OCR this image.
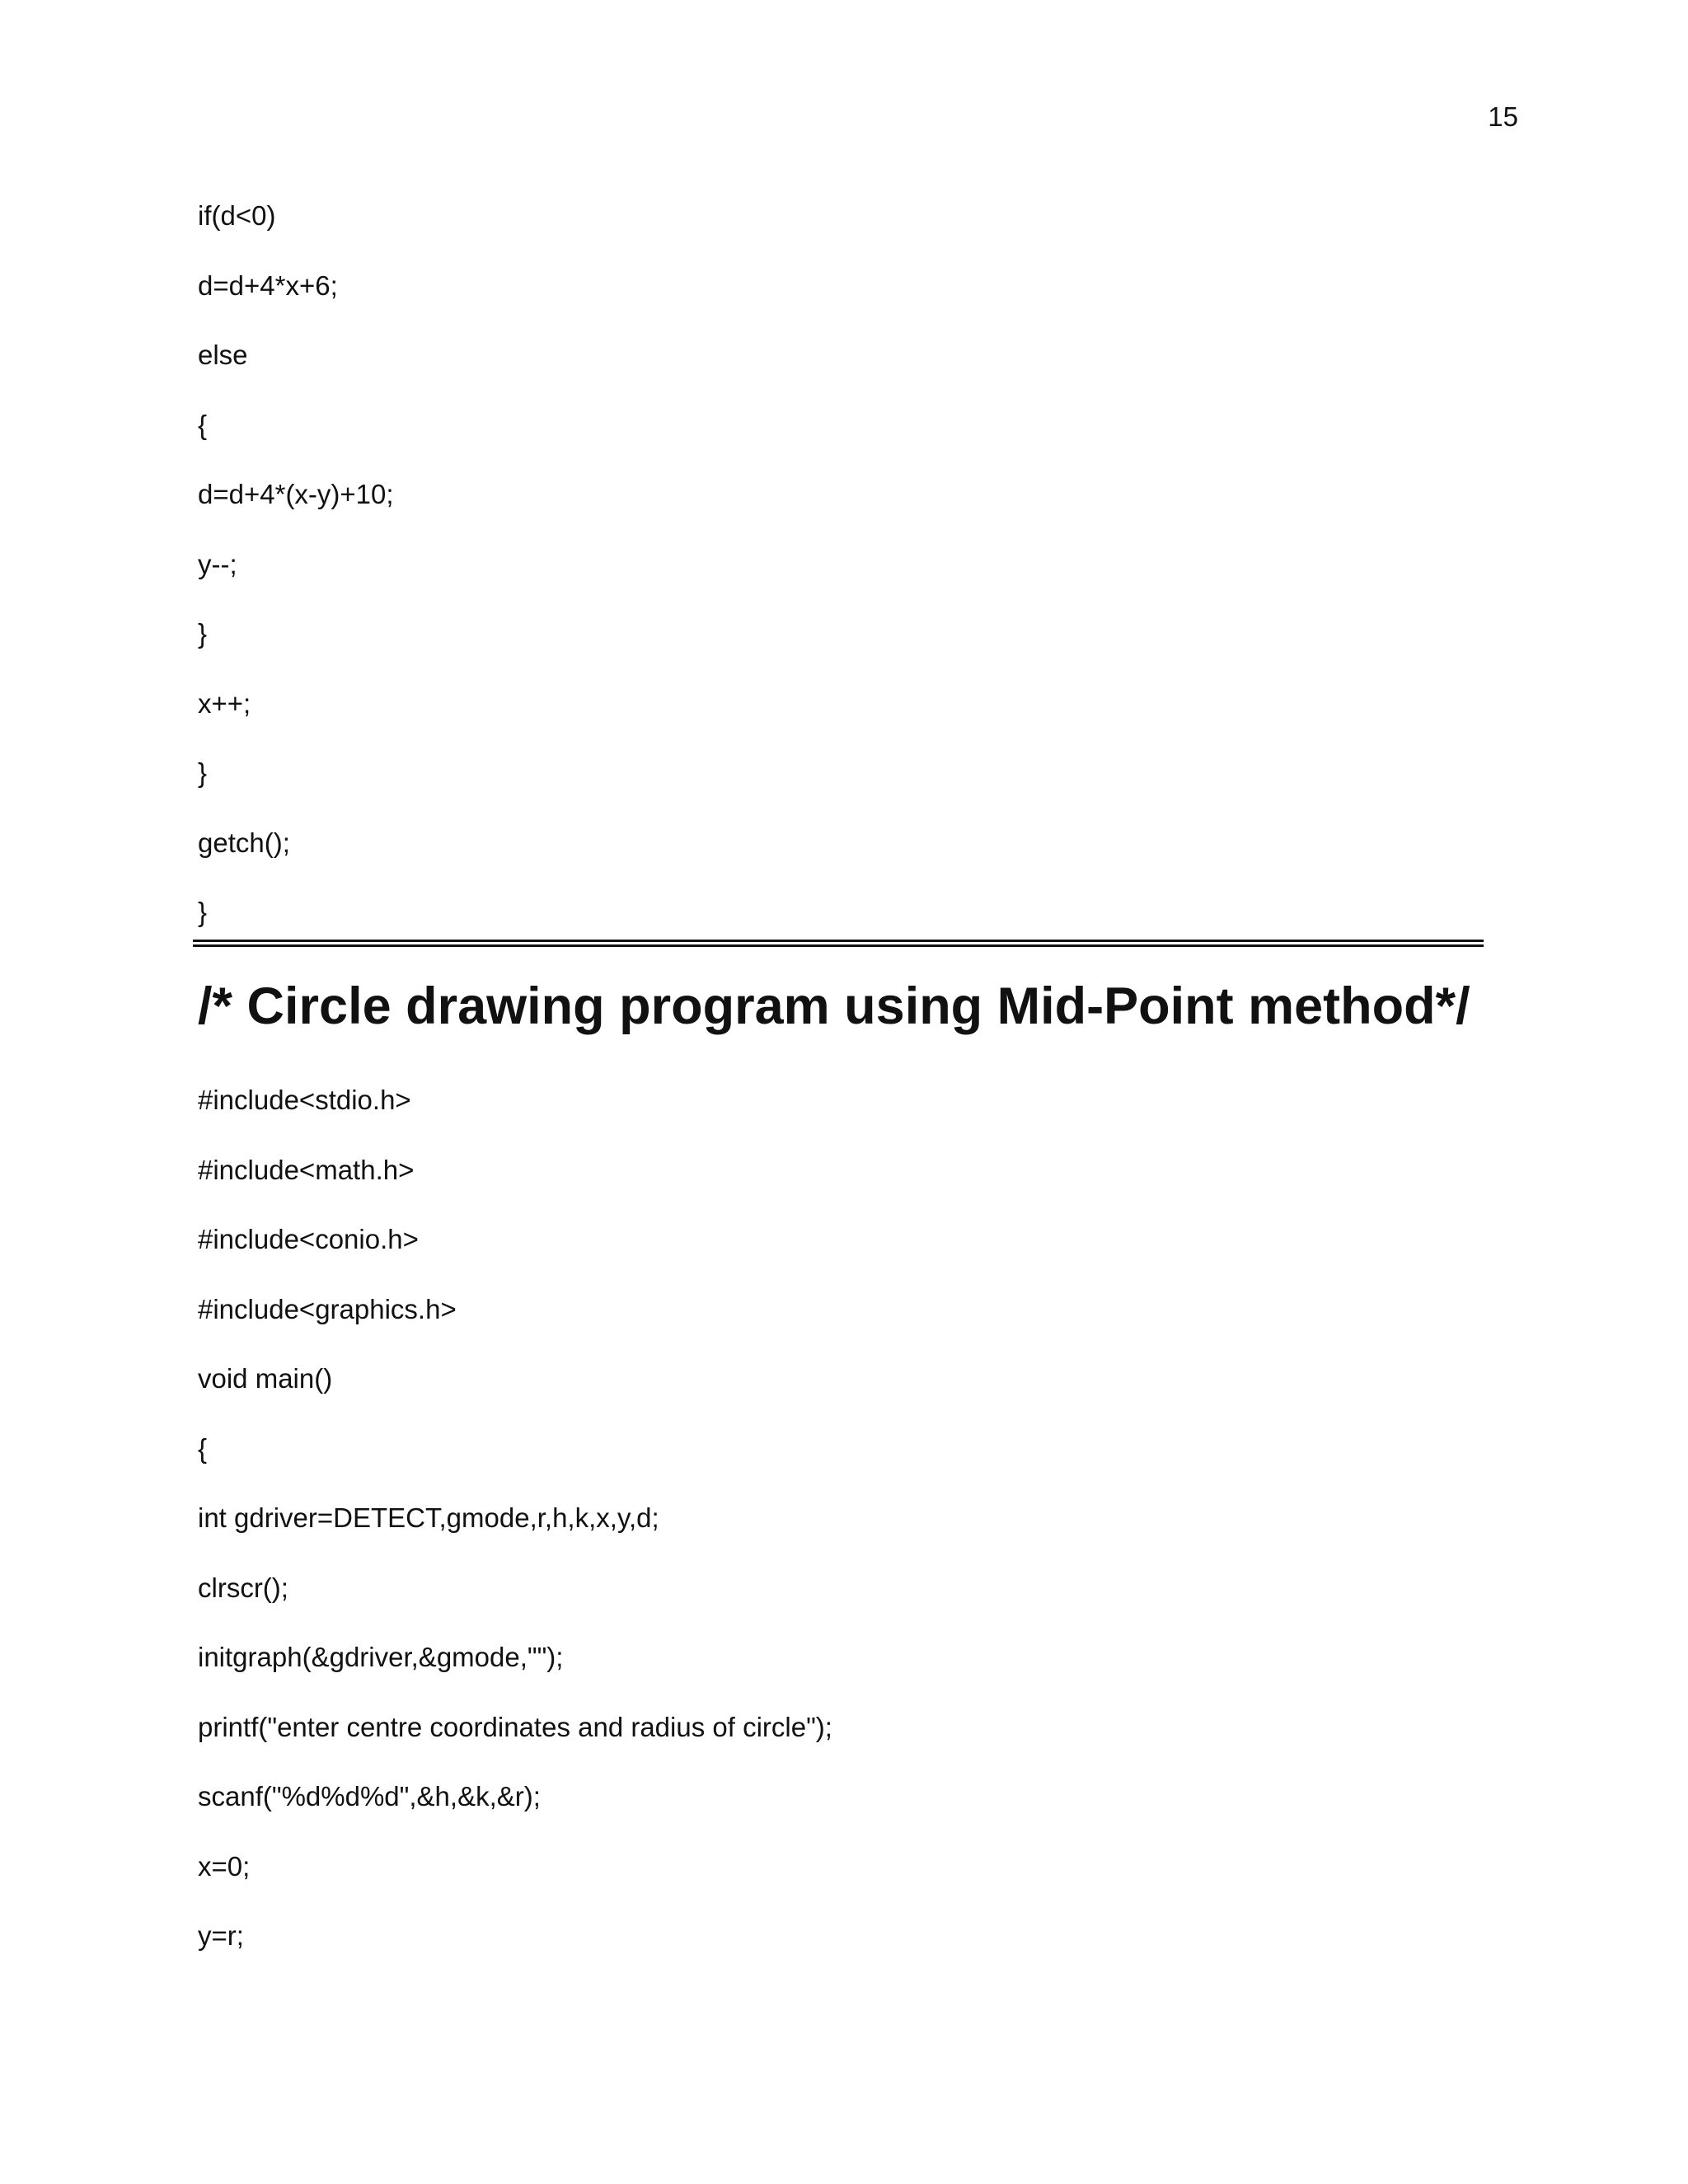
15
if(d<0)
d=d+4*x+6;
else
{
d=d+4*(x-y)+10;
y--;
}
x++;
}
getch();
}
/* Circle drawing program using Mid-Point method*/
#include<stdio.h>
#include<math.h>
#include<conio.h>
#include<graphics.h>
void main()
{
int gdriver=DETECT,gmode,r,h,k,x,y,d;
clrscr();
initgraph(&gdriver,&gmode,"");
printf("enter centre coordinates and radius of circle");
scanf("%d%d%d",&h,&k,&r);
x=0;
y=r;
